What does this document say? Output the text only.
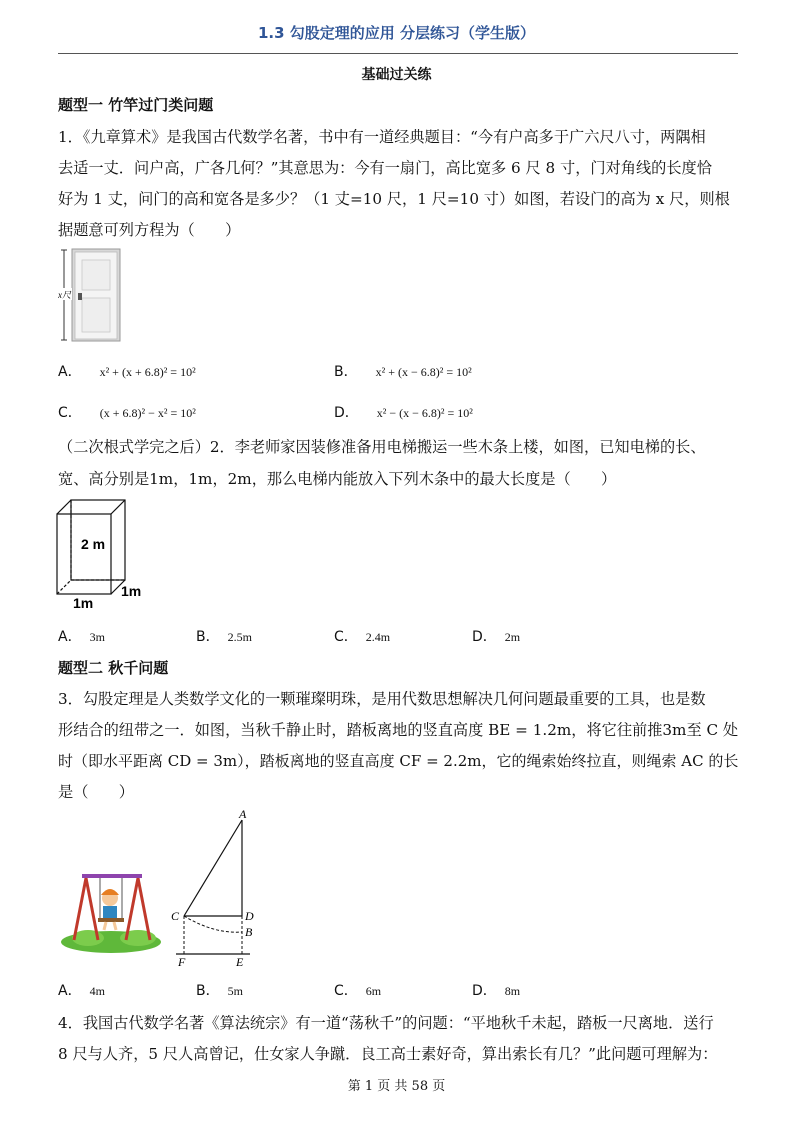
1.3 勾股定理的应用 分层练习（学生版）
基础过关练
题型一 竹竿过门类问题
1．《九章算术》是我国古代数学名著，书中有一道经典题目：“今有户高多于广六尺八寸，两隅相
去适一丈．问户高，广各几何？”其意思为：今有一扇门，高比宽多 6 尺 8 寸，门对角线的长度恰
好为 1 丈，问门的高和宽各是多少？（1 丈=10 尺，1 尺=10 寸）如图，若设门的高为 x 尺，则根
据题意可列方程为（　　）
x尺
A． x² + (x + 6.8)² = 10²	B． x² + (x − 6.8)² = 10²
C． (x + 6.8)² − x² = 10²	D． x² − (x − 6.8)² = 10²
（二次根式学完之后）2．李老师家因装修准备用电梯搬运一些木条上楼，如图，已知电梯的长、
宽、高分别是1m，1m，2m，那么电梯内能放入下列木条中的最大长度是（　　）
2 m
1m
1m
A． 3m	B． 2.5m	C． 2.4m	D． 2m
题型二 秋千问题
3．勾股定理是人类数学文化的一颗璀璨明珠，是用代数思想解决几何问题最重要的工具，也是数
形结合的纽带之一．如图，当秋千静止时，踏板离地的竖直高度 BE = 1.2m，将它往前推3m至 C 处
时（即水平距离 CD = 3m），踏板离地的竖直高度 CF = 2.2m，它的绳索始终拉直，则绳索 AC 的长
是（　　）
A
C	D
B
F	E
A． 4m	B． 5m	C． 6m	D． 8m
4．我国古代数学名著《算法统宗》有一道“荡秋千”的问题：“平地秋千未起，踏板一尺离地．送行
8 尺与人齐，5 尺人高曾记，仕女家人争蹴．良工高士素好奇，算出索长有几？”此问题可理解为：
第 1 页 共 58 页
